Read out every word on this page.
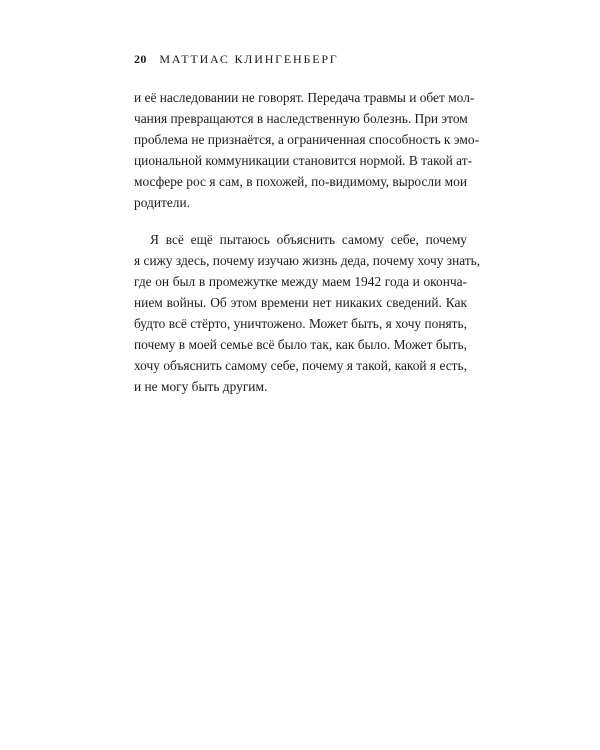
20 МАТТИАС КЛИНГЕНБЕРГ
и её наследовании не говорят. Передача травмы и обет мол-
чания превращаются в наследственную болезнь. При этом
проблема не признаётся, а ограниченная способность к эмо-
циональной коммуникации становится нормой. В такой ат-
мосфере рос я сам, в похожей, по-видимому, выросли мои
родители.
Я всё ещё пытаюсь объяснить самому себе, почему
я сижу здесь, почему изучаю жизнь деда, почему хочу знать,
где он был в промежутке между маем 1942 года и окончa-
нием войны. Об этом времени нет никаких сведений. Как
будто всё стёрто, уничтожено. Может быть, я хочу понять,
почему в моей семье всё было так, как было. Может быть,
хочу объяснить самому себе, почему я такой, какой я есть,
и не могу быть другим.
